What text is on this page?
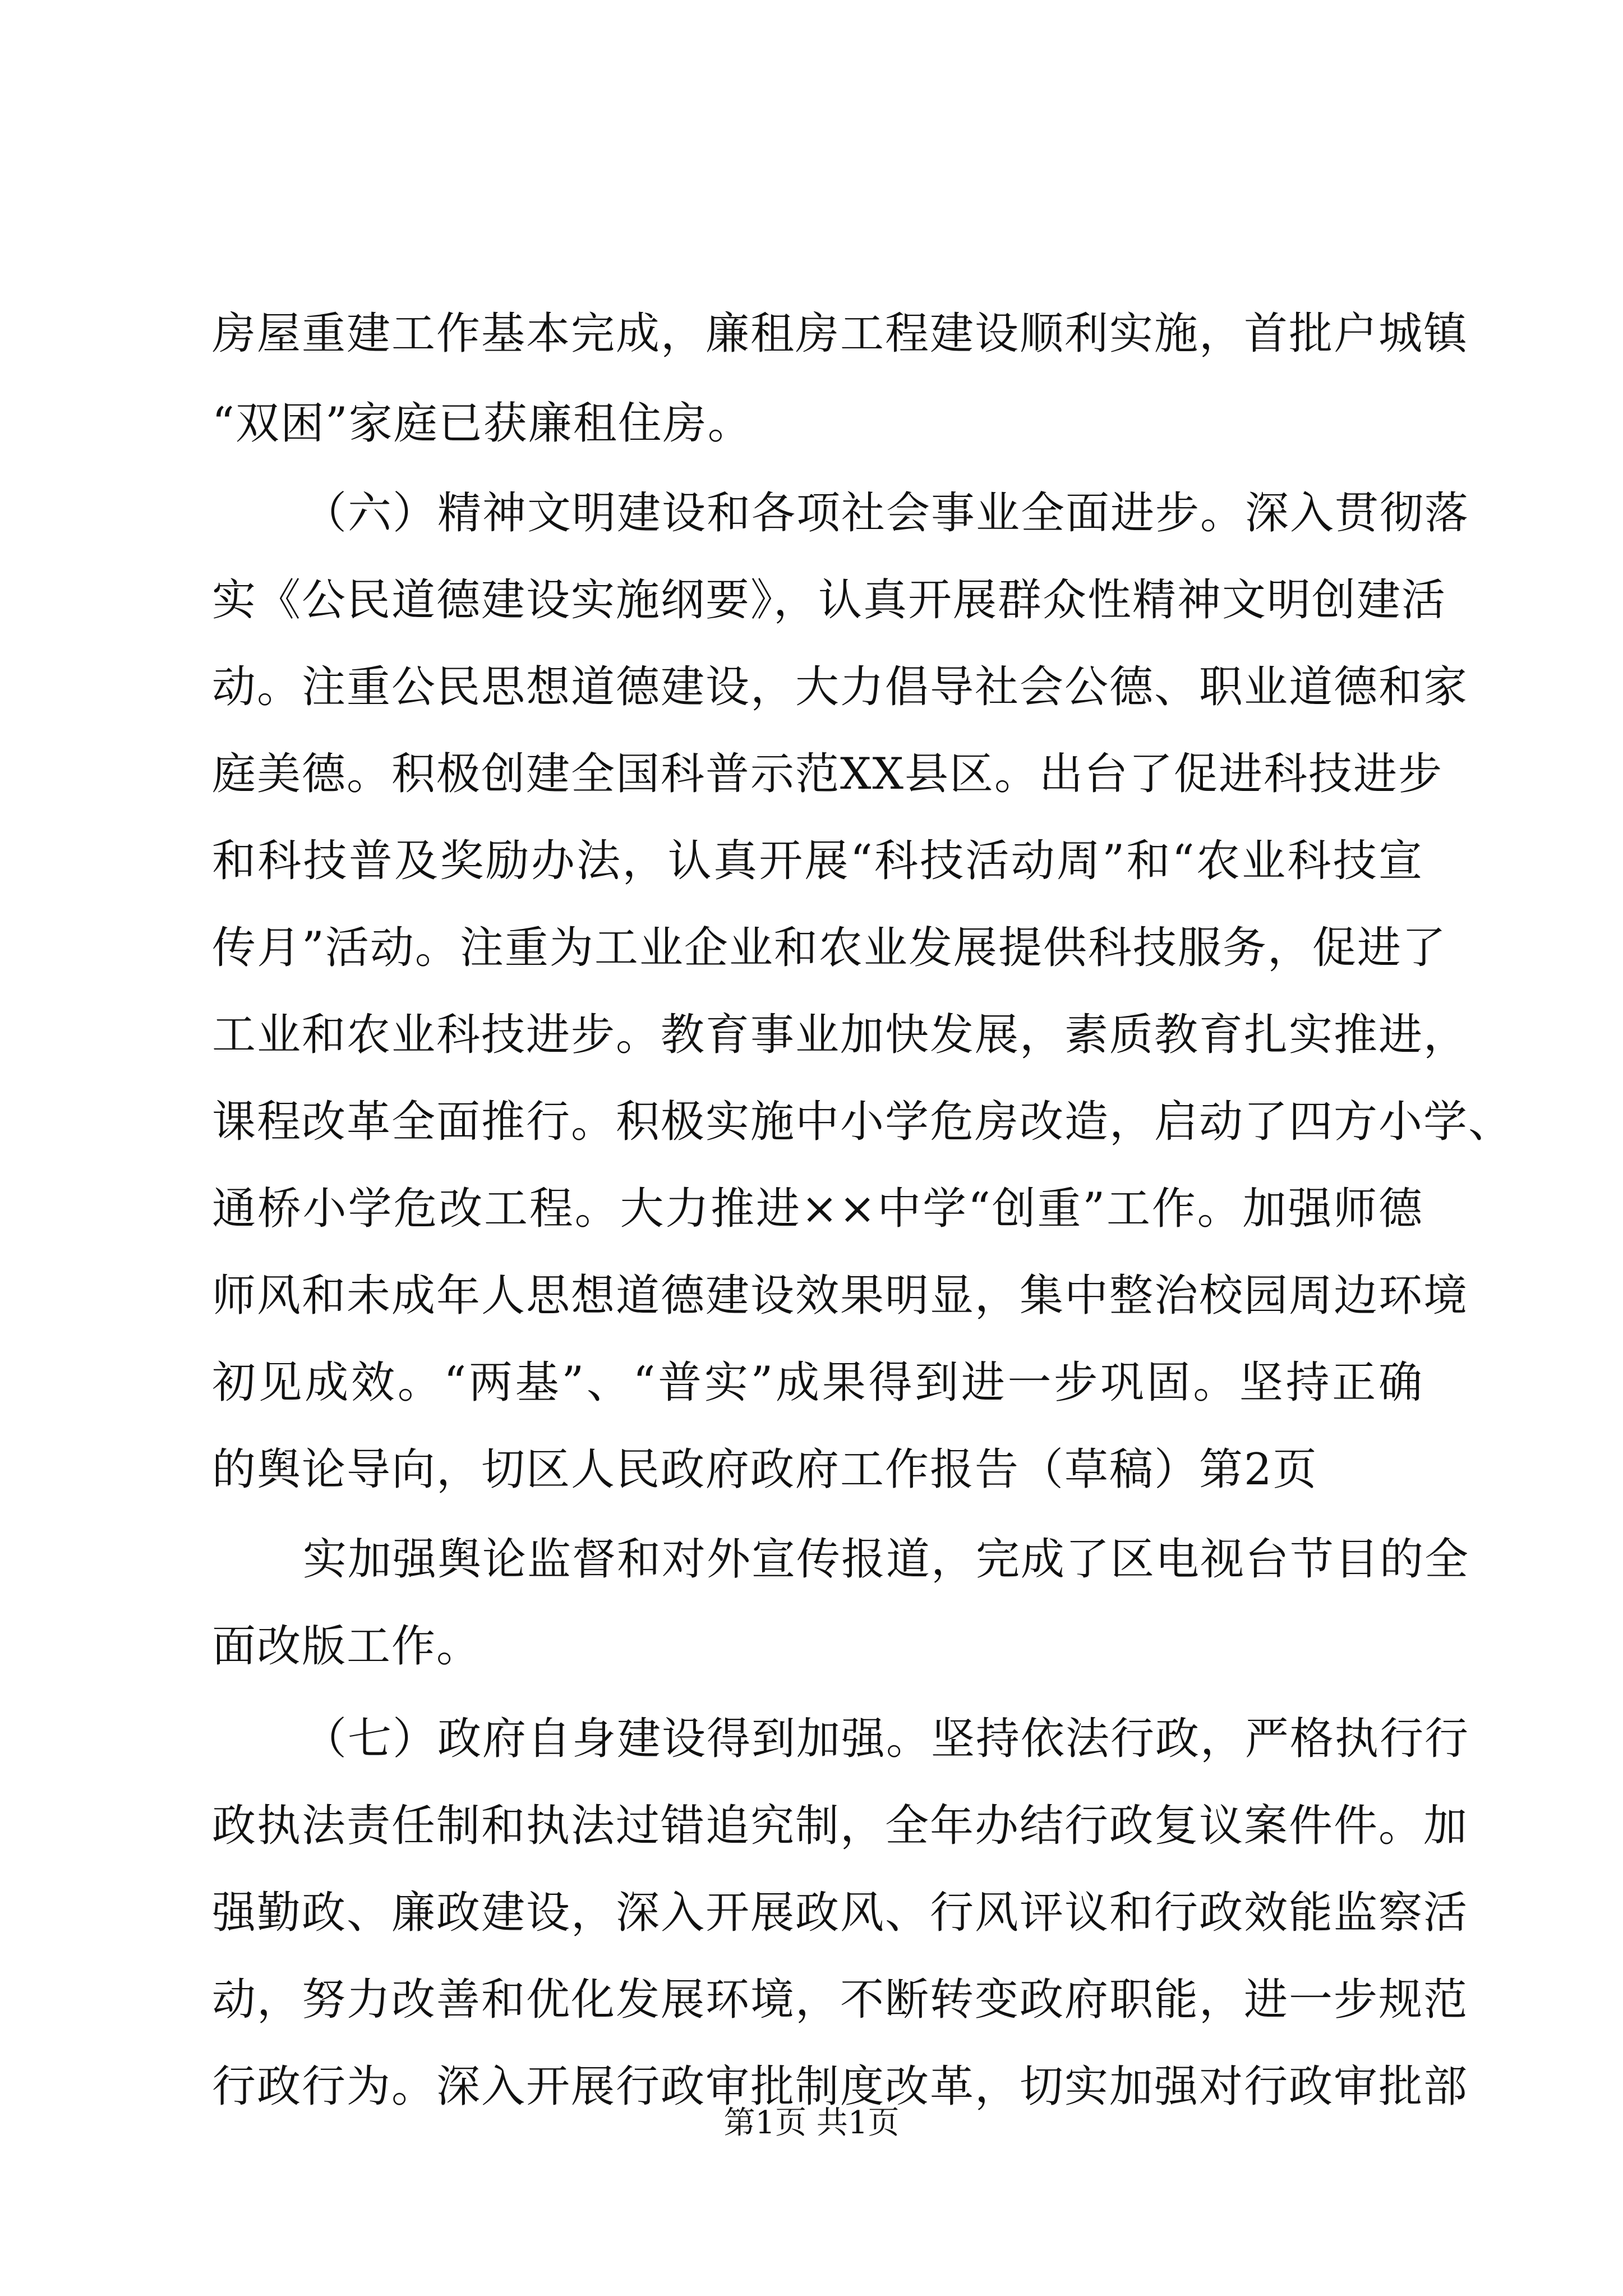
房屋重建工作基本完成，廉租房工程建设顺利实施，首批户城镇
“双困”家庭已获廉租住房。
（六）精神文明建设和各项社会事业全面进步。深入贯彻落
实《公民道德建设实施纲要》，认真开展群众性精神文明创建活
动。注重公民思想道德建设，大力倡导社会公德、职业道德和家
庭美德。积极创建全国科普示范XX县区。出台了促进科技进步
和科技普及奖励办法，认真开展“科技活动周”和“农业科技宣
传月”活动。注重为工业企业和农业发展提供科技服务，促进了
工业和农业科技进步。教育事业加快发展，素质教育扎实推进，
课程改革全面推行。积极实施中小学危房改造，启动了四方小学、
通桥小学危改工程。大力推进××中学“创重”工作。加强师德
师风和未成年人思想道德建设效果明显，集中整治校园周边环境
初见成效。“两基”、“普实”成果得到进一步巩固。坚持正确
的舆论导向，切区人民政府政府工作报告（草稿）第2页
实加强舆论监督和对外宣传报道，完成了区电视台节目的全
面改版工作。
（七）政府自身建设得到加强。坚持依法行政，严格执行行
政执法责任制和执法过错追究制，全年办结行政复议案件件。加
强勤政、廉政建设，深入开展政风、行风评议和行政效能监察活
动，努力改善和优化发展环境，不断转变政府职能，进一步规范
行政行为。深入开展行政审批制度改革，切实加强对行政审批部
第1页 共1页
